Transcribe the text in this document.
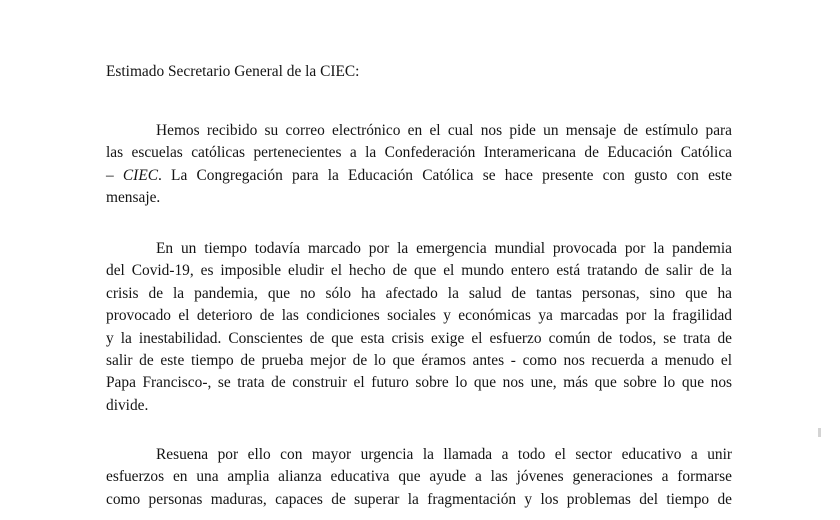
Estimado Secretario General de la CIEC:

Hemos recibido su correo electrónico en el cual nos pide un mensaje de estímulo para
las escuelas católicas pertenecientes a la Confederación Interamericana de Educación Católica
– CIEC. La Congregación para la Educación Católica se hace presente con gusto con este
mensaje.

En un tiempo todavía marcado por la emergencia mundial provocada por la pandemia
del Covid-19, es imposible eludir el hecho de que el mundo entero está tratando de salir de la
crisis de la pandemia, que no sólo ha afectado la salud de tantas personas, sino que ha
provocado el deterioro de las condiciones sociales y económicas ya marcadas por la fragilidad
y la inestabilidad. Conscientes de que esta crisis exige el esfuerzo común de todos, se trata de
salir de este tiempo de prueba mejor de lo que éramos antes - como nos recuerda a menudo el
Papa Francisco-, se trata de construir el futuro sobre lo que nos une, más que sobre lo que nos
divide.

Resuena por ello con mayor urgencia la llamada a todo el sector educativo a unir
esfuerzos en una amplia alianza educativa que ayude a las jóvenes generaciones a formarse
como personas maduras, capaces de superar la fragmentación y los problemas del tiempo de
